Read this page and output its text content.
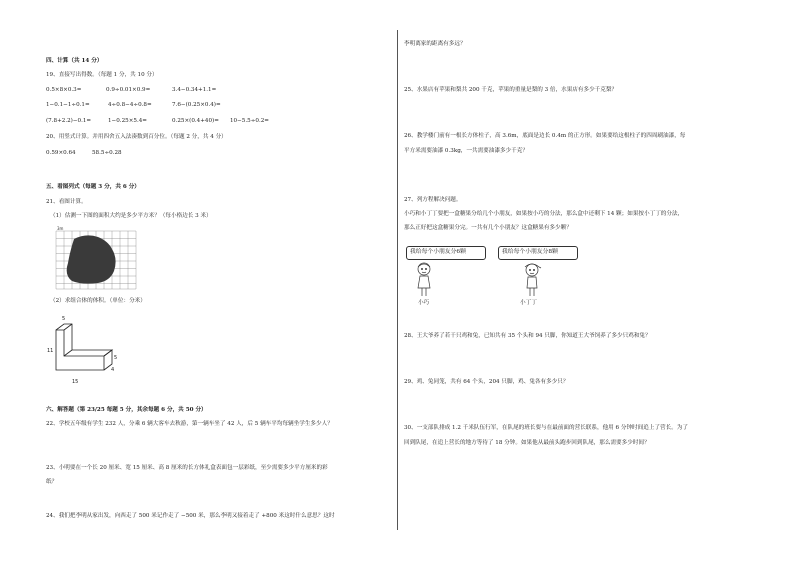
四、计算（共 14 分）
19、直接写出得数。（每题 1 分，共 10 分）
0.5×8×0.3=	0.9÷0.01×0.9=	3.4−0.34+1.1=
1−0.1−1÷0.1=	4÷0.8−4÷0.8=	7.6−(0.25×0.4)=
(7.8+2.2)−0.1=	1−0.25×5.4=	0.25×(0.4+40)= 10−5.5÷0.2=
20、用竖式计算。并用四舍五入法凑数到百分位。（每题 2 分，共 4 分）
0.59×0.64	58.5÷0.28
五、看图列式（每题 3 分，共 6 分）
21、看图计算。
（1）估测一下图的面积大约是多少平方米？（每小格边长 3 米）
3m
（2）求组合体的体积。（单位：分米）
5
11
5
4
15
六、解答题（第 23/25 每题 5 分，其余每题 6 分，共 50 分）
22、学校五年级有学生 232 人，分乘 6 辆大客车去秋游，第一辆车坐了 42 人，后 5 辆车平均每辆坐学生多少人？
23、小明要在一个长 20 厘米、宽 15 厘米、高 8 厘米的长方体礼盒表面包一层彩纸，至少需要多少平方厘米的彩
纸？
24、我们把李明从家出发，向西走了 500 米记作走了 −500 米，那么李明又接着走了 +800 米这时什么意思？这时
李明离家的距离有多远？
25、水果店有苹果和梨共 200 千克，苹果的重量是梨的 3 倍，水果店有多少千克梨？
26、教学楼门前有一根长方体柱子，高 3.6m，底面是边长 0.4m 的正方形。如果要给这根柱子的四周刷油漆，每
平方米需要油漆 0.3kg，一共需要油漆多少千克？
27、列方程解决问题。
小巧和小丁丁要把一盒糖果分给几个小朋友，如果按小巧的分法，那么盒中还剩下 14 颗；如果按小丁丁的分法，
那么正好把这盒糖果分完。一共有几个小朋友？这盒糖果有多少颗？
我给每个小朋友分6颗	我给每个小朋友分8颗
小巧	小丁丁
28、王大爷养了若干只鸡和兔，已知共有 35 个头和 94 只脚，你知道王大爷饲养了多少只鸡和兔？
29、鸡、兔同笼，共有 64 个头，204 只脚，鸡、兔各有多少只？
30、一支部队排成 1.2 千米队伍行军，在队尾的班长要与在最前面的营长联系，他用 6 分钟时间追上了营长。为了
回到队尾，在追上营长的地方等待了 18 分钟。如果他从最前头跑步回到队尾，那么需要多少时间？
